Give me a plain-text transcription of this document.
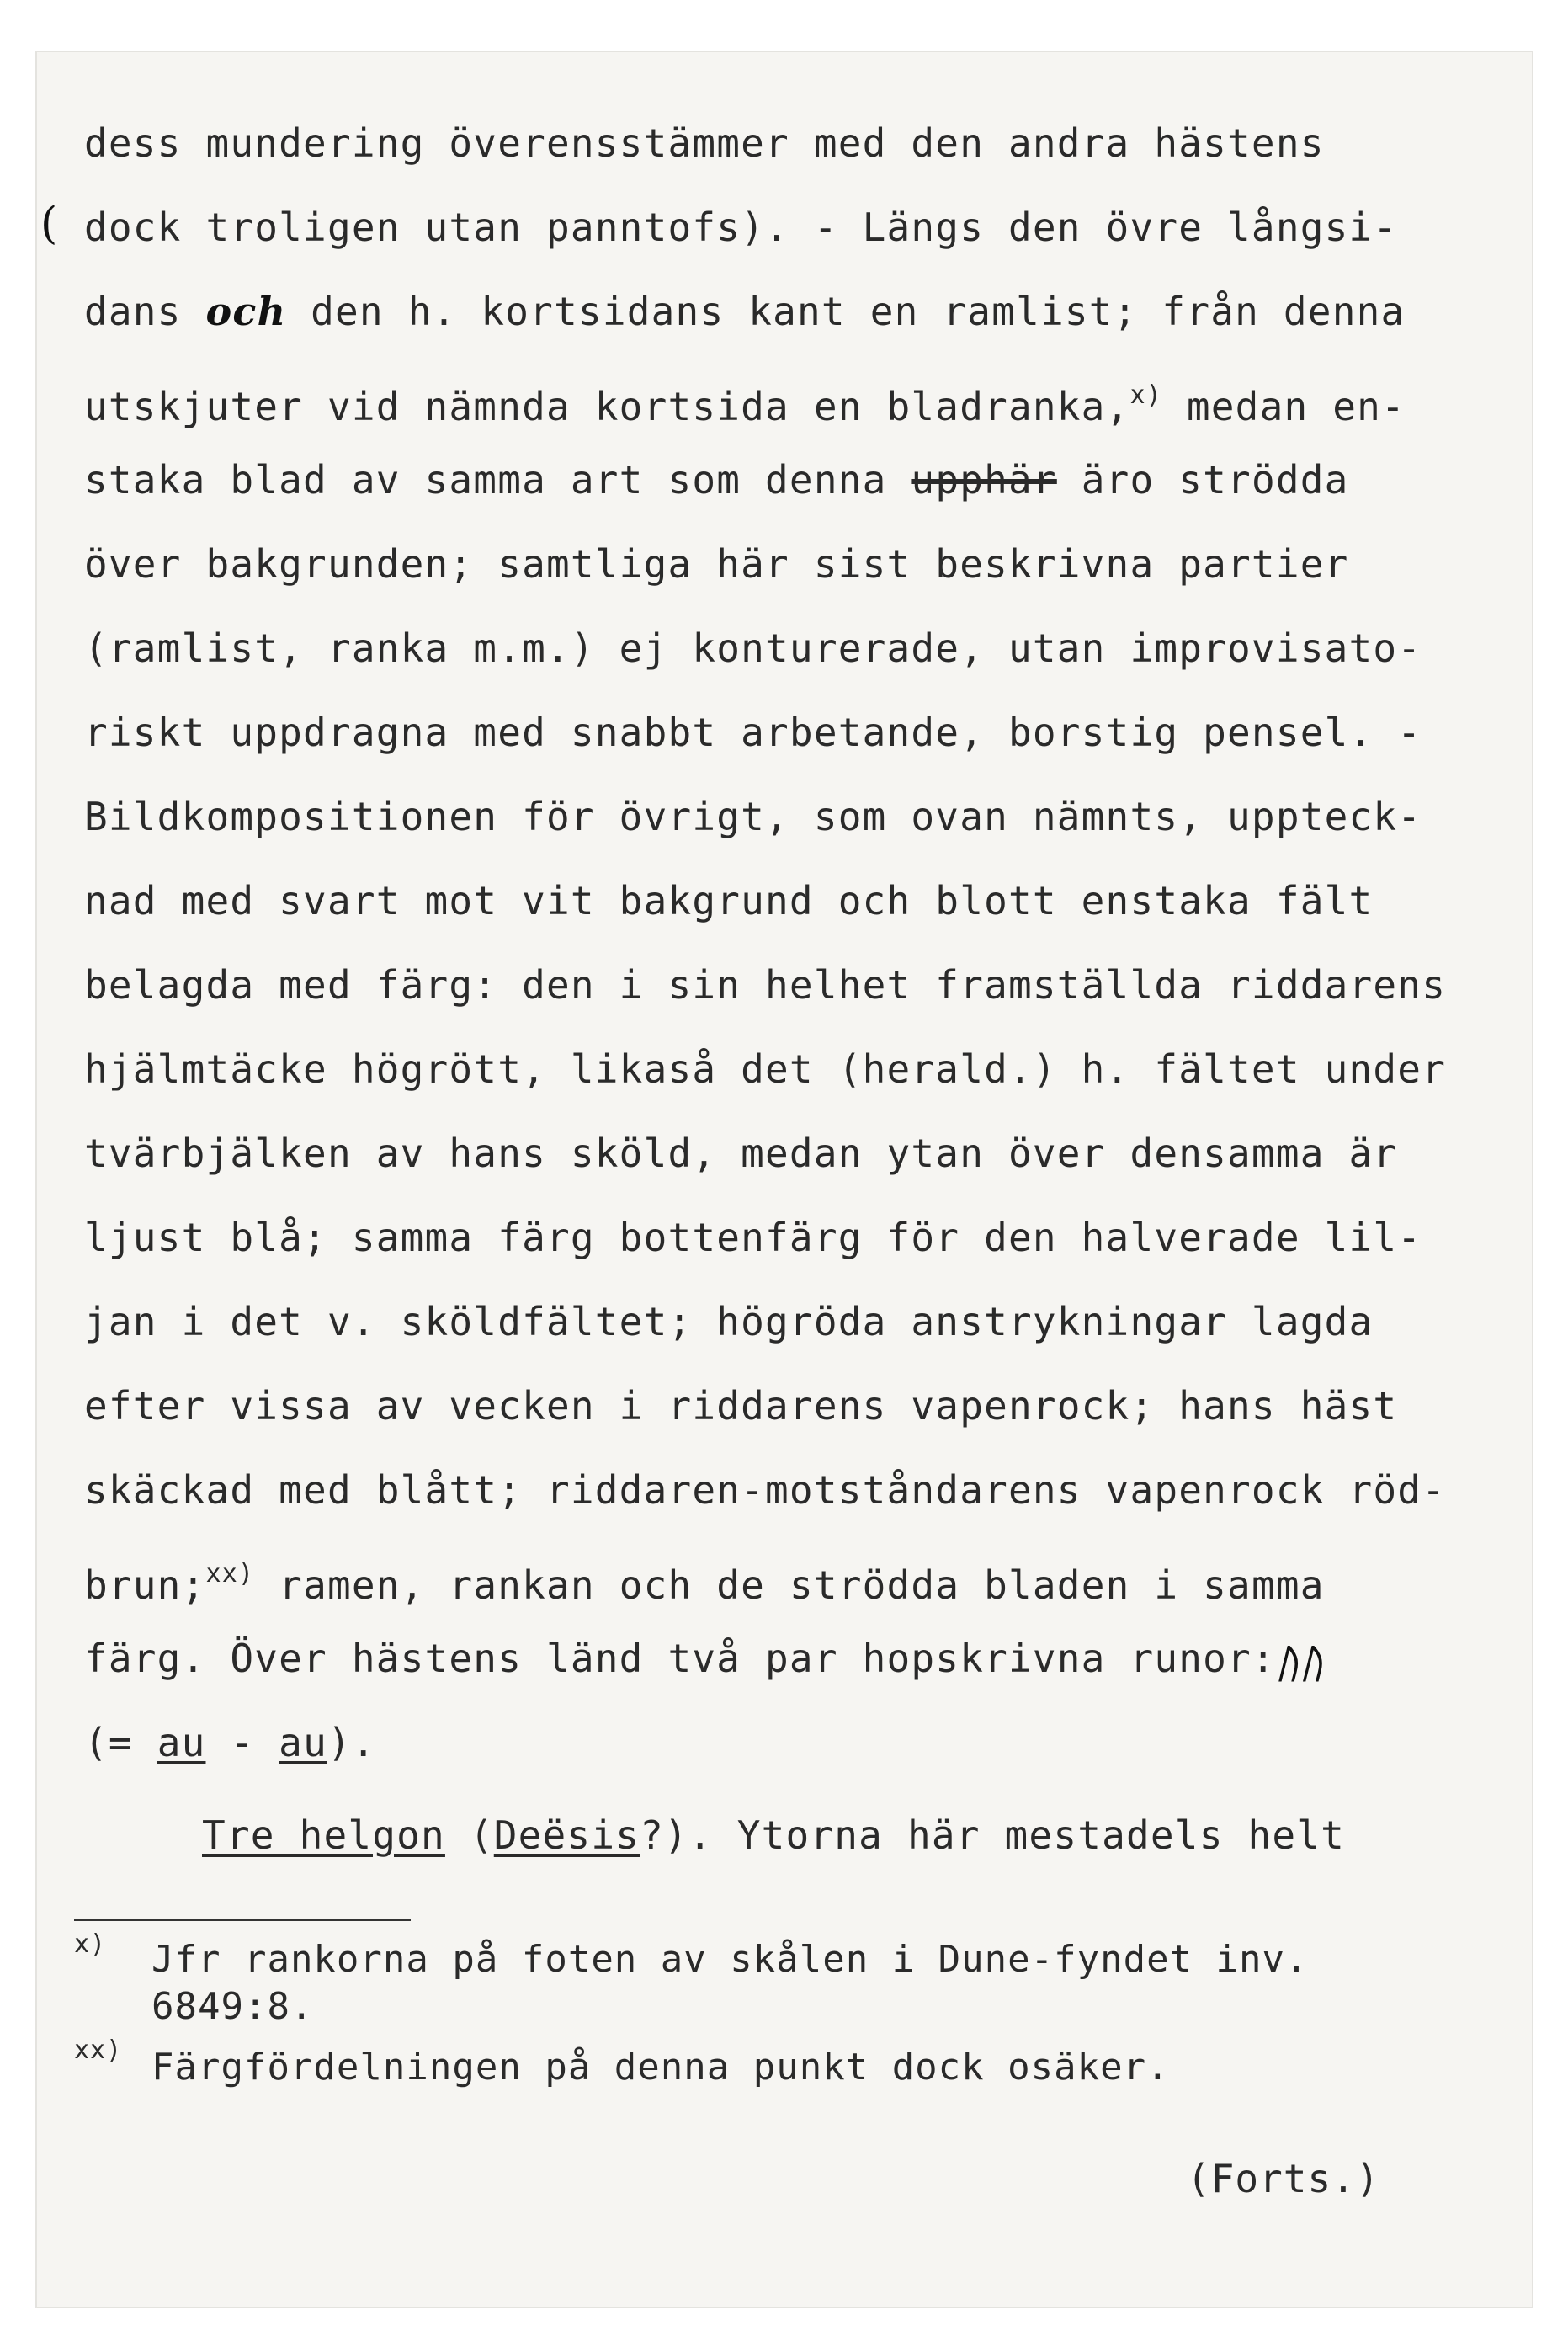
(

dess mundering överensstämmer med den andra hästens

dock troligen utan panntofs). - Längs den övre långsi-

dans och den h. kortsidans kant en ramlist; från denna

utskjuter vid nämnda kortsida en bladranka,$^{x)}$ medan en-

staka blad av samma art som denna upphär äro strödda

över bakgrunden; samtliga här sist beskrivna partier

(ramlist, ranka m.m.) ej konturerade, utan improvisato-

riskt uppdragna med snabbt arbetande, borstig pensel. -

Bildkompositionen för övrigt, som ovan nämnts, uppteck-

nad med svart mot vit bakgrund och blott enstaka fält

belagda med färg: den i sin helhet framställda riddarens

hjälmtäcke högrött, likaså det (herald.) h. fältet under

tvärbjälken av hans sköld, medan ytan över densamma är

ljust blå; samma färg bottenfärg för den halverade lil-

jan i det v. sköldfältet; högröda anstrykningar lagda

efter vissa av vecken i riddarens vapenrock; hans häst

skäckad med blått; riddaren-motståndarens vapenrock röd-

brun;$^{xx)}$ ramen, rankan och de strödda bladen i samma

färg. Över hästens länd två par hopskrivna runor:ᚢᚢ

(= au - au).

Tre helgon (Deësis?). Ytorna här mestadels helt

x) Jfr rankorna på foten av skålen i Dune-fyndet inv.

6849:8.

xx) Färgfördelningen på denna punkt dock osäker.

(Forts.)
